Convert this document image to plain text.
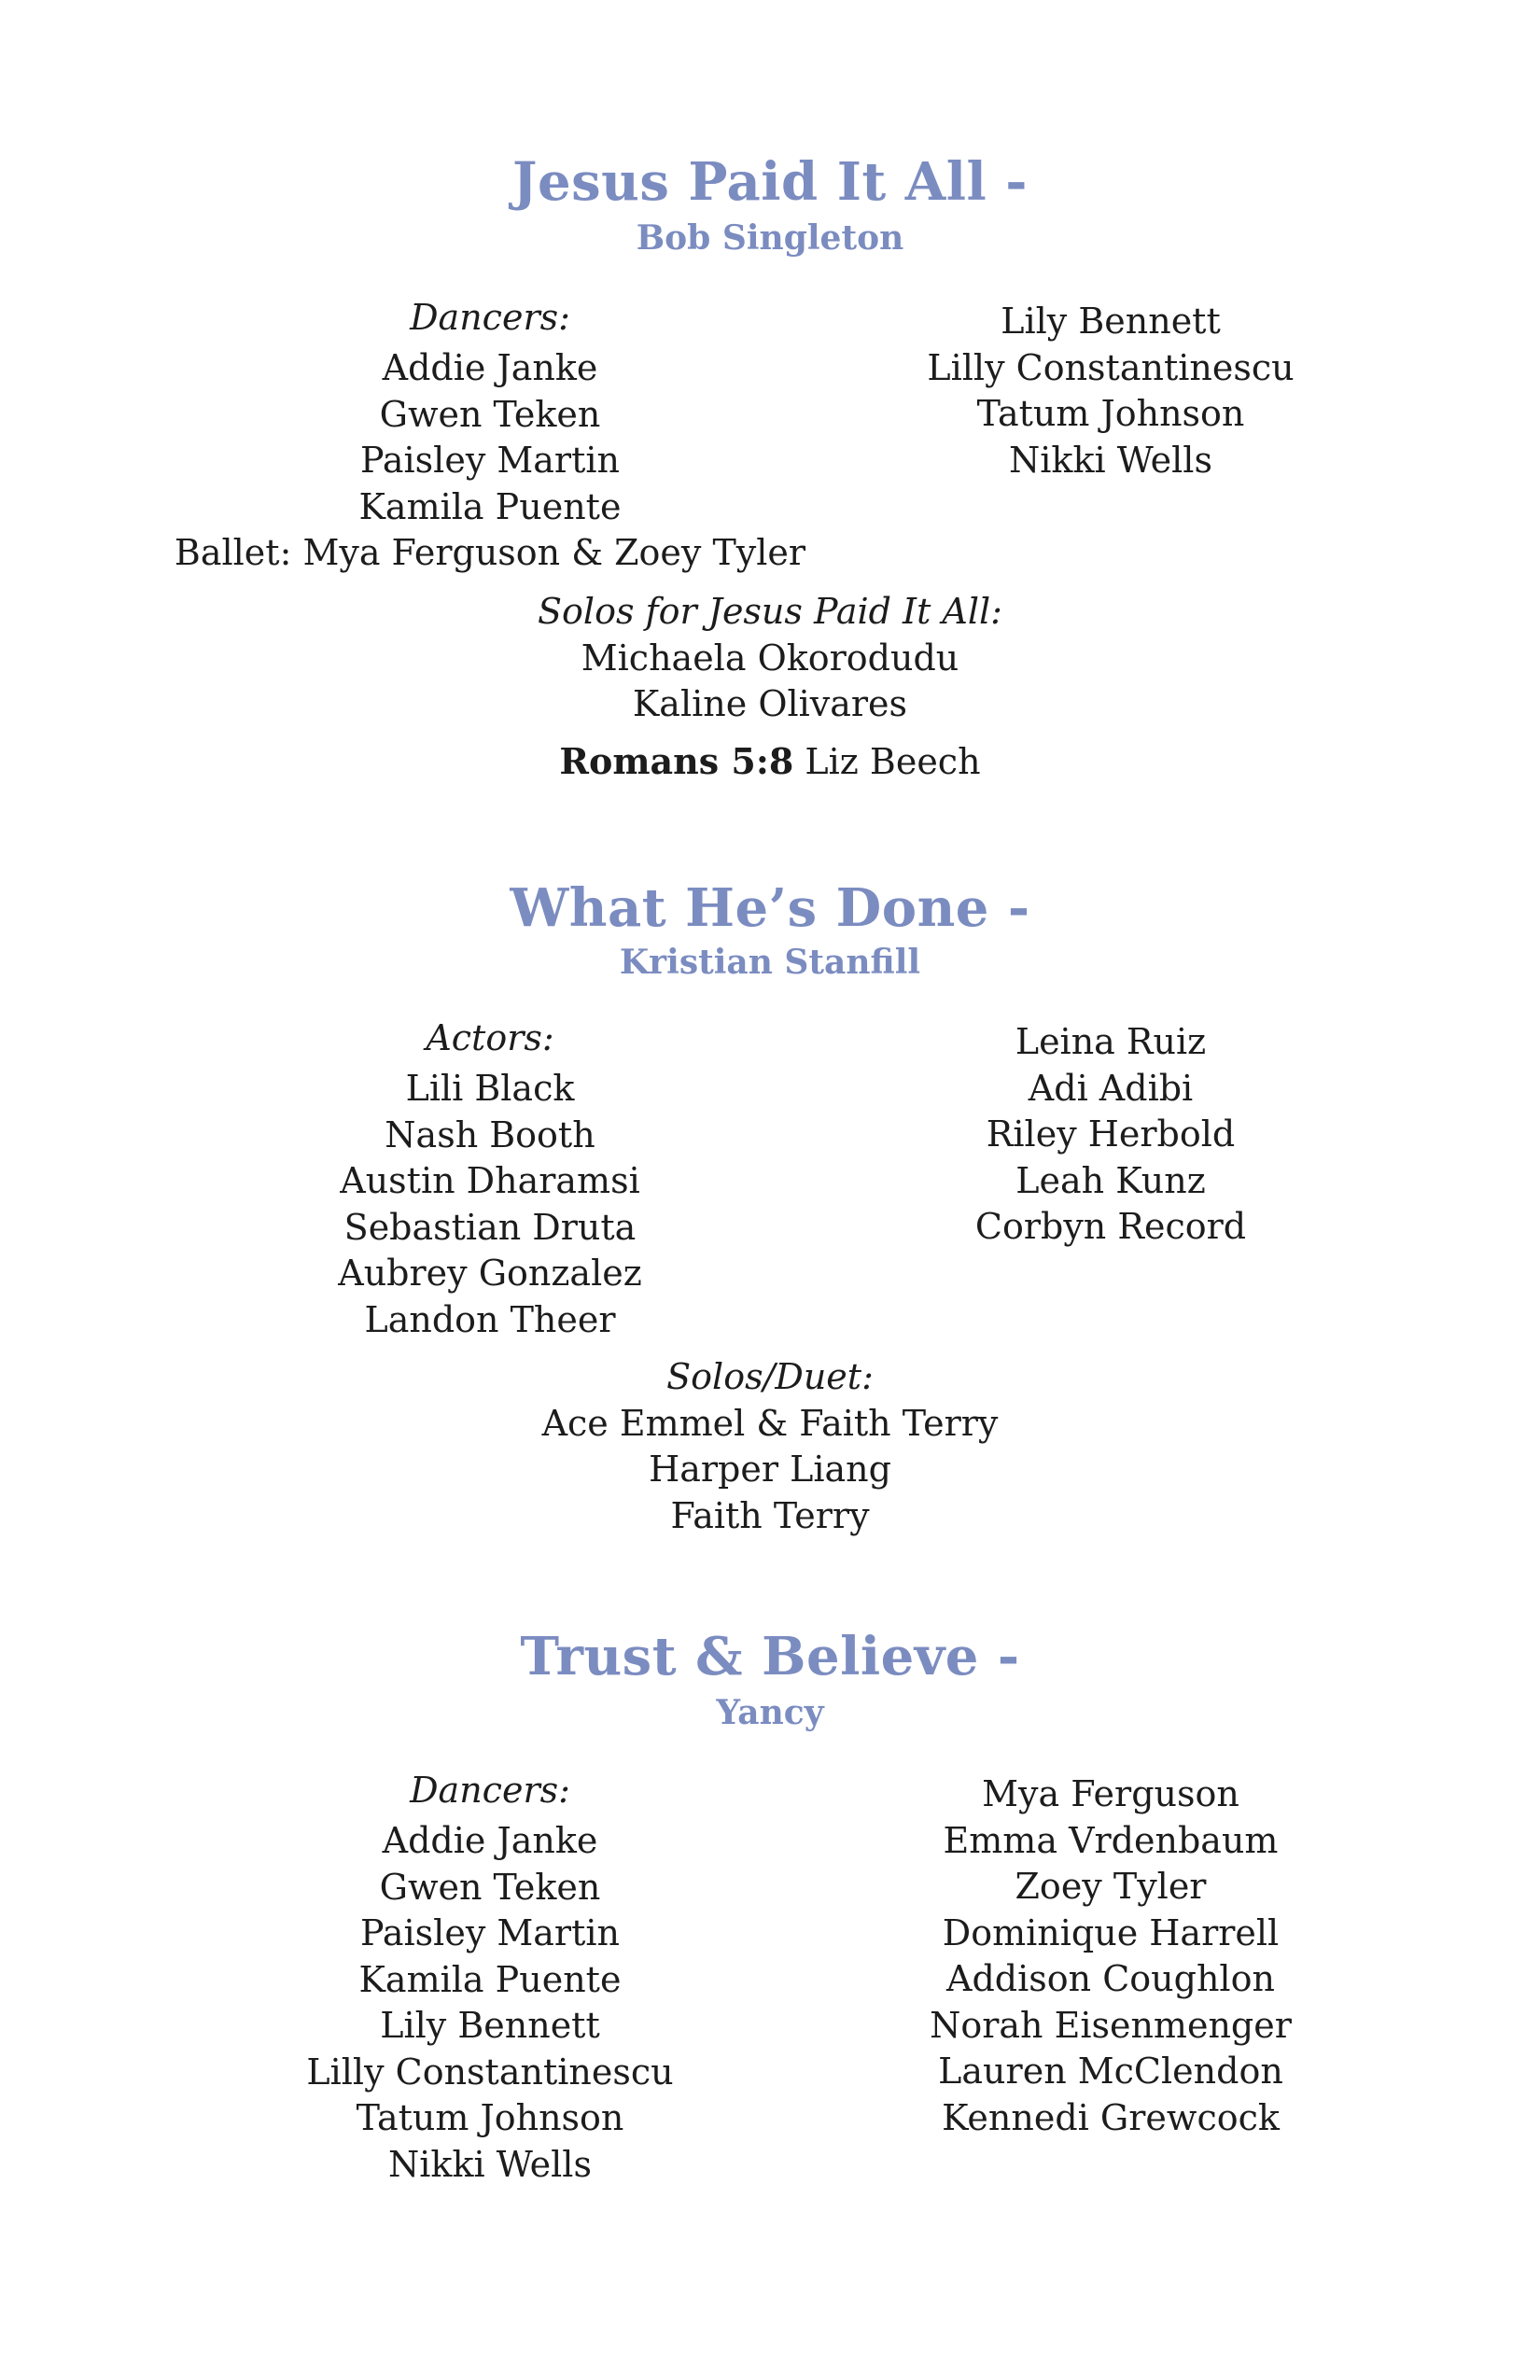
Jesus Paid It All -
Bob Singleton
Dancers:
Addie Janke
Gwen Teken
Paisley Martin
Kamila Puente
Ballet: Mya Ferguson & Zoey Tyler
Lily Bennett
Lilly Constantinescu
Tatum Johnson
Nikki Wells
Solos for Jesus Paid It All:
Michaela Okorodudu
Kaline Olivares
Romans 5:8 Liz Beech
What He’s Done -
Kristian Stanfill
Actors:
Lili Black
Nash Booth
Austin Dharamsi
Sebastian Druta
Aubrey Gonzalez
Landon Theer
Leina Ruiz
Adi Adibi
Riley Herbold
Leah Kunz
Corbyn Record
Solos/Duet:
Ace Emmel & Faith Terry
Harper Liang
Faith Terry
Trust & Believe -
Yancy
Dancers:
Addie Janke
Gwen Teken
Paisley Martin
Kamila Puente
Lily Bennett
Lilly Constantinescu
Tatum Johnson
Nikki Wells
Mya Ferguson
Emma Vrdenbaum
Zoey Tyler
Dominique Harrell
Addison Coughlon
Norah Eisenmenger
Lauren McClendon
Kennedi Grewcock
